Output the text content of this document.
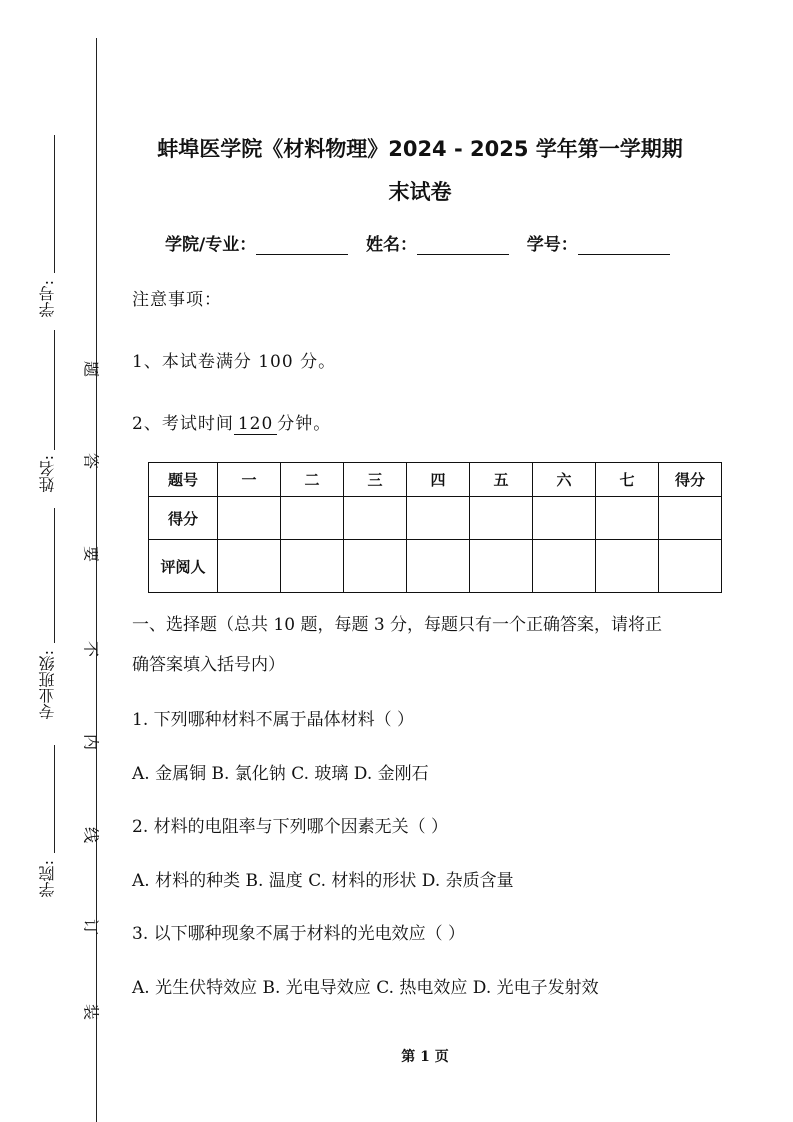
学号:
姓名:
专业班级:
学院:
题
答
要
不
内
线
订
装
蚌埠医学院《材料物理》2024 - 2025 学年第一学期期
末试卷
学院/专业：	姓名：	学号：
注意事项：
1、本试卷满分 100 分。
2、考试时间 120 分钟。
题号	一	二	三	四	五	六	七	得分
得分								
评阅人								
一、选择题（总共 10 题，每题 3 分，每题只有一个正确答案，请将正
确答案填入括号内）
1. 下列哪种材料不属于晶体材料（ ）
A. 金属铜 B. 氯化钠 C. 玻璃 D. 金刚石
2. 材料的电阻率与下列哪个因素无关（ ）
A. 材料的种类 B. 温度 C. 材料的形状 D. 杂质含量
3. 以下哪种现象不属于材料的光电效应（ ）
A. 光生伏特效应 B. 光电导效应 C. 热电效应 D. 光电子发射效
第 1 页
